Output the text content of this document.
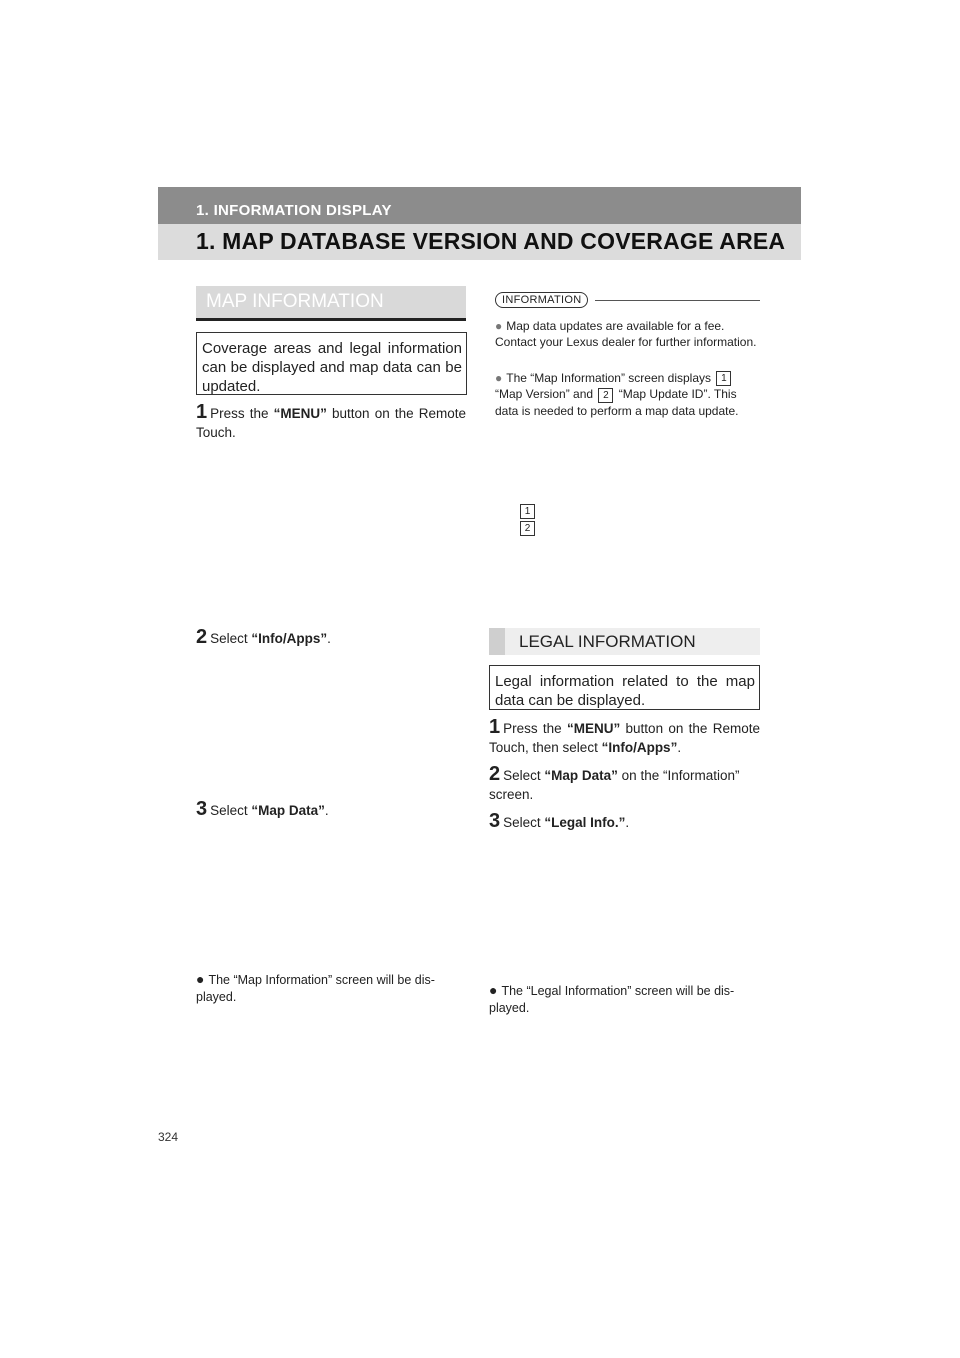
1. INFORMATION DISPLAY
1. MAP DATABASE VERSION AND COVERAGE AREA
MAP INFORMATION
Coverage areas and legal information can be displayed and map data can be updated.
1 Press the “MENU” button on the Remote Touch.
2 Select “Info/Apps”.
3 Select “Map Data”.
● The “Map Information” screen will be dis-played.
INFORMATION
● Map data updates are available for a fee. Contact your Lexus dealer for further information.
● The “Map Information” screen displays 1 “Map Version” and 2 “Map Update ID”. This data is needed to perform a map data update.
1
2
LEGAL INFORMATION
Legal information related to the map data can be displayed.
1 Press the “MENU” button on the Remote Touch, then select “Info/Apps”.
2 Select “Map Data” on the “Information” screen.
3 Select “Legal Info.”.
● The “Legal Information” screen will be dis-played.
324
